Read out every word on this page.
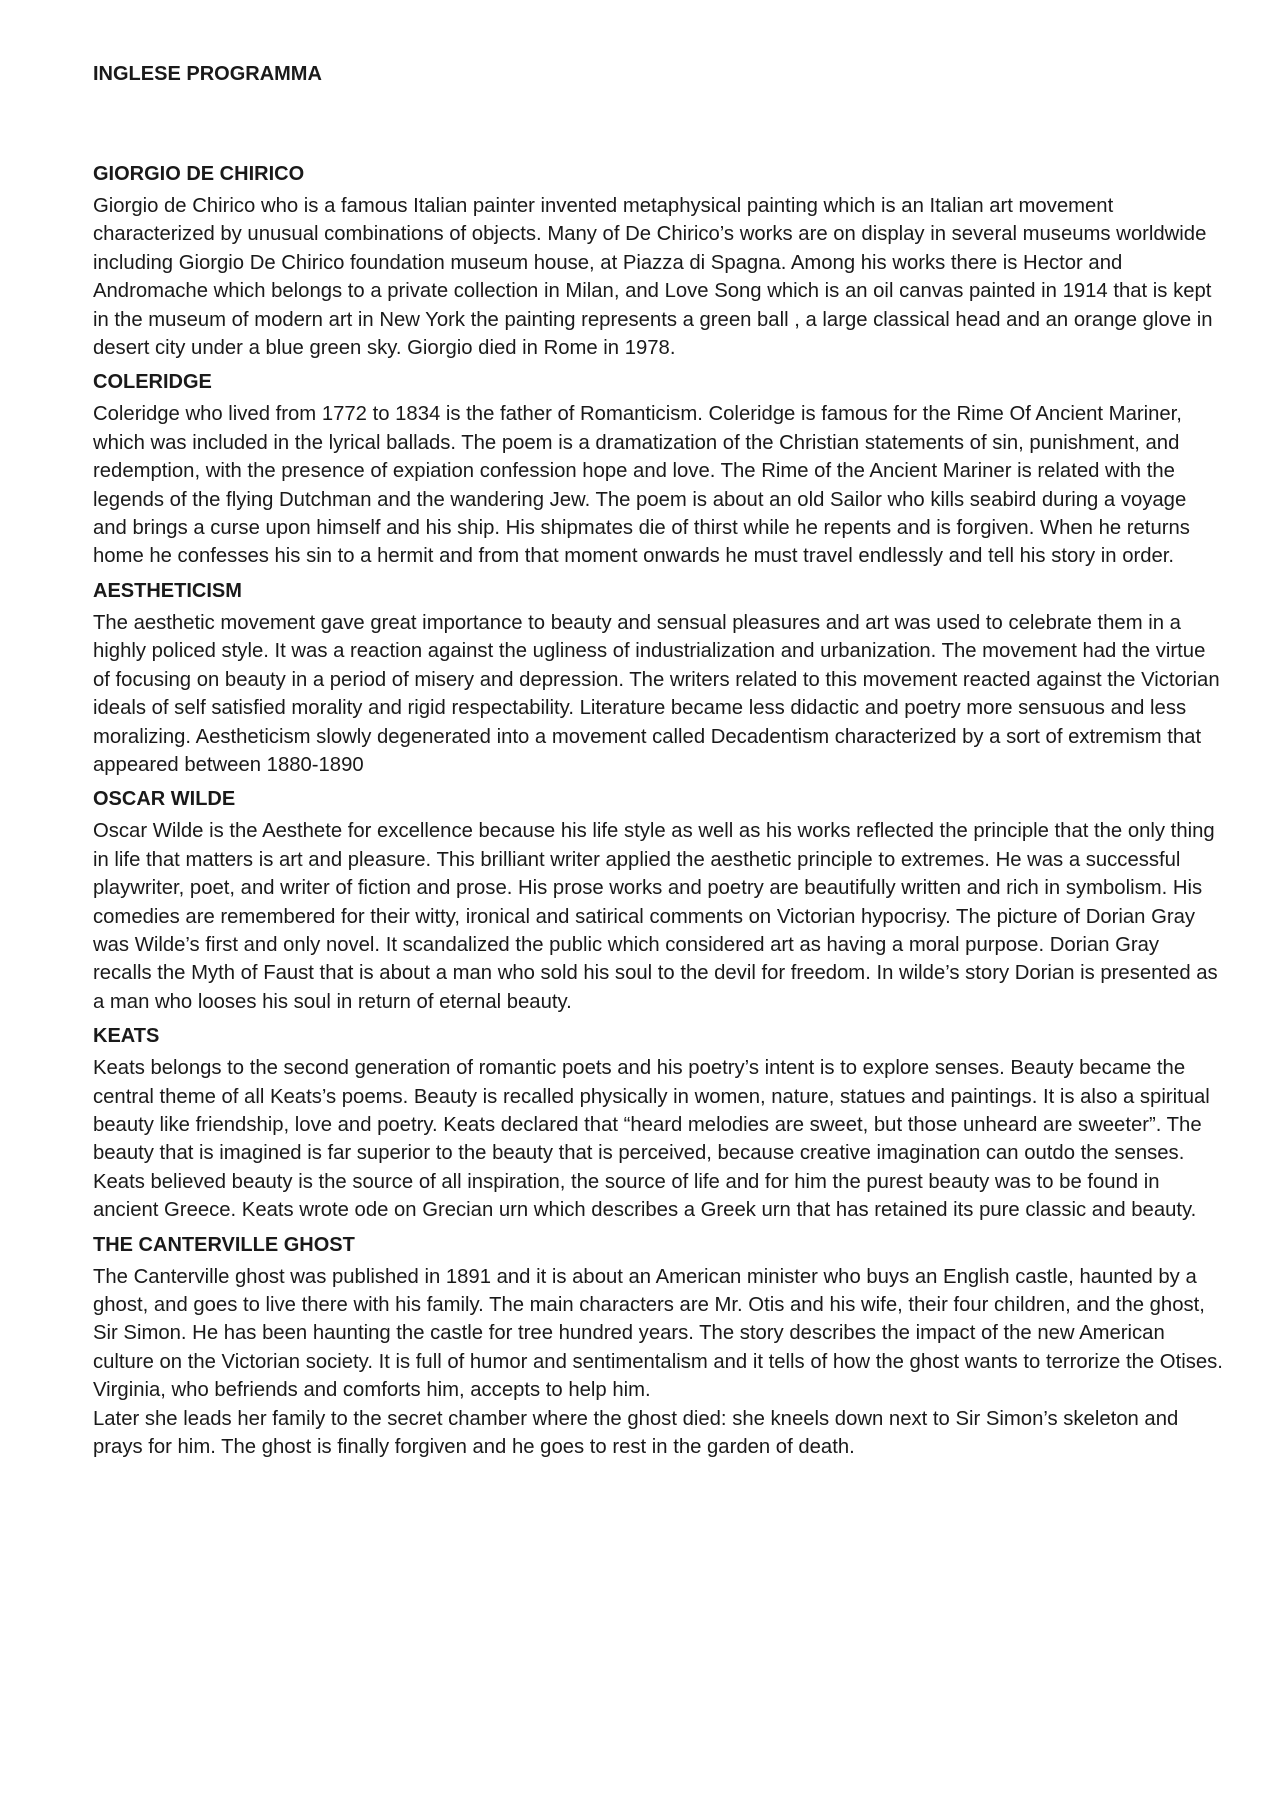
INGLESE PROGRAMMA
GIORGIO DE CHIRICO

Giorgio de Chirico who is a famous Italian painter invented metaphysical painting which is an Italian art movement characterized by unusual combinations of objects. Many of De Chirico’s works are on display in several museums worldwide including Giorgio De Chirico foundation museum house, at Piazza di Spagna. Among his works there is Hector and Andromache which belongs to a private collection in Milan, and Love Song which is an oil canvas painted in 1914 that is kept in the museum of modern art in New York the painting represents a green ball , a large classical head and an orange glove in desert city under a blue green sky. Giorgio died in Rome in 1978.

COLERIDGE

Coleridge who lived from 1772 to 1834 is the father of Romanticism. Coleridge is famous for the Rime Of Ancient Mariner, which was included in the lyrical ballads. The poem is a dramatization of the Christian statements of sin, punishment, and redemption, with the presence of expiation confession hope and love. The Rime of the Ancient Mariner is related with the legends of the flying Dutchman and the wandering Jew. The poem is about an old Sailor who kills seabird during a voyage and brings a curse upon himself and his ship. His shipmates die of thirst while he repents and is forgiven. When he returns home he confesses his sin to a hermit and from that moment onwards he must travel endlessly and tell his story in order.

AESTHETICISM

The aesthetic movement gave great importance to beauty and sensual pleasures and art was used to celebrate them in a highly policed style. It was a reaction against the ugliness of industrialization and urbanization. The movement had the virtue of focusing on beauty in a period of misery and depression. The writers related to this movement reacted against the Victorian ideals of self satisfied morality and rigid respectability. Literature became less didactic and poetry more sensuous and less moralizing. Aestheticism slowly degenerated into a movement called Decadentism characterized by a sort of extremism that appeared between 1880-1890

OSCAR WILDE

Oscar Wilde is the Aesthete for excellence because his life style as well as his works reflected the principle that the only thing in life that matters is art and pleasure. This brilliant writer applied the aesthetic principle to extremes. He was a successful playwriter, poet, and writer of fiction and prose. His prose works and poetry are beautifully written and rich in symbolism. His comedies are remembered for their witty, ironical and satirical comments on Victorian hypocrisy. The picture of Dorian Gray was Wilde’s first and only novel. It scandalized the public which considered art as having a moral purpose. Dorian Gray recalls the Myth of Faust that is about a man who sold his soul to the devil for freedom. In wilde’s story Dorian is presented as a man who looses his soul in return of eternal beauty.

KEATS

Keats belongs to the second generation of romantic poets and his poetry’s intent is to explore senses. Beauty became the central theme of all Keats’s poems. Beauty is recalled physically in women, nature, statues and paintings. It is also a spiritual beauty like friendship, love and poetry. Keats declared that “heard melodies are sweet, but those unheard are sweeter”. The beauty that is imagined is far superior to the beauty that is perceived, because creative imagination can outdo the senses. Keats believed beauty is the source of all inspiration, the source of life and for him the purest beauty was to be found in ancient Greece. Keats wrote ode on Grecian urn which describes a Greek urn that has retained its pure classic and beauty.

THE CANTERVILLE GHOST

The Canterville ghost was published in 1891 and it is about an American minister who buys an English castle, haunted by a ghost, and goes to live there with his family. The main characters are Mr. Otis and his wife, their four children, and the ghost, Sir Simon. He has been haunting the castle for tree hundred years. The story describes the impact of the new American culture on the Victorian society. It is full of humor and sentimentalism and it tells of how the ghost wants to terrorize the Otises. Virginia, who befriends and comforts him, accepts to help him.

Later she leads her family to the secret chamber where the ghost died: she kneels down next to Sir Simon’s skeleton and prays for him. The ghost is finally forgiven and he goes to rest in the garden of death.
